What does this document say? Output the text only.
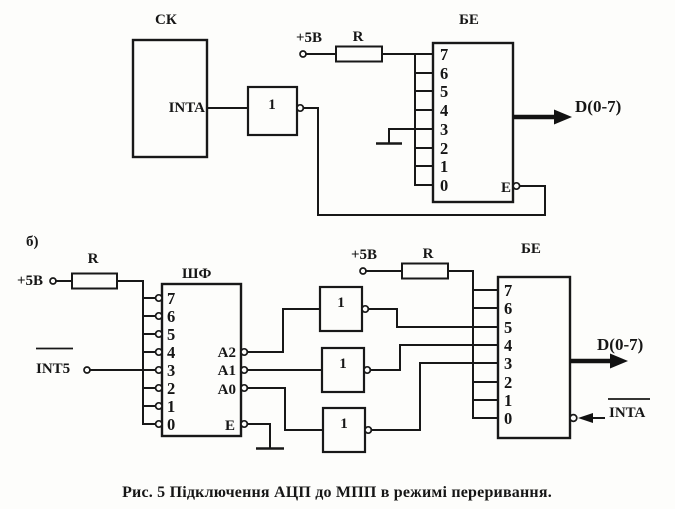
СК
INTA	1
+5В R
БЕ
7
6
5
4
3
2
1
0	Е
D(0-7)
б)
+5В
R
INT5
ШФ
7
6
5
4
3
2
1
0
A2
A1
A0
Е
1
1
1
+5В	R	БЕ
7
6
5
4
3
2
1
0
D(0-7)
INTA
Рис. 5 Підключення АЦП до МПП в режимі переривання.
